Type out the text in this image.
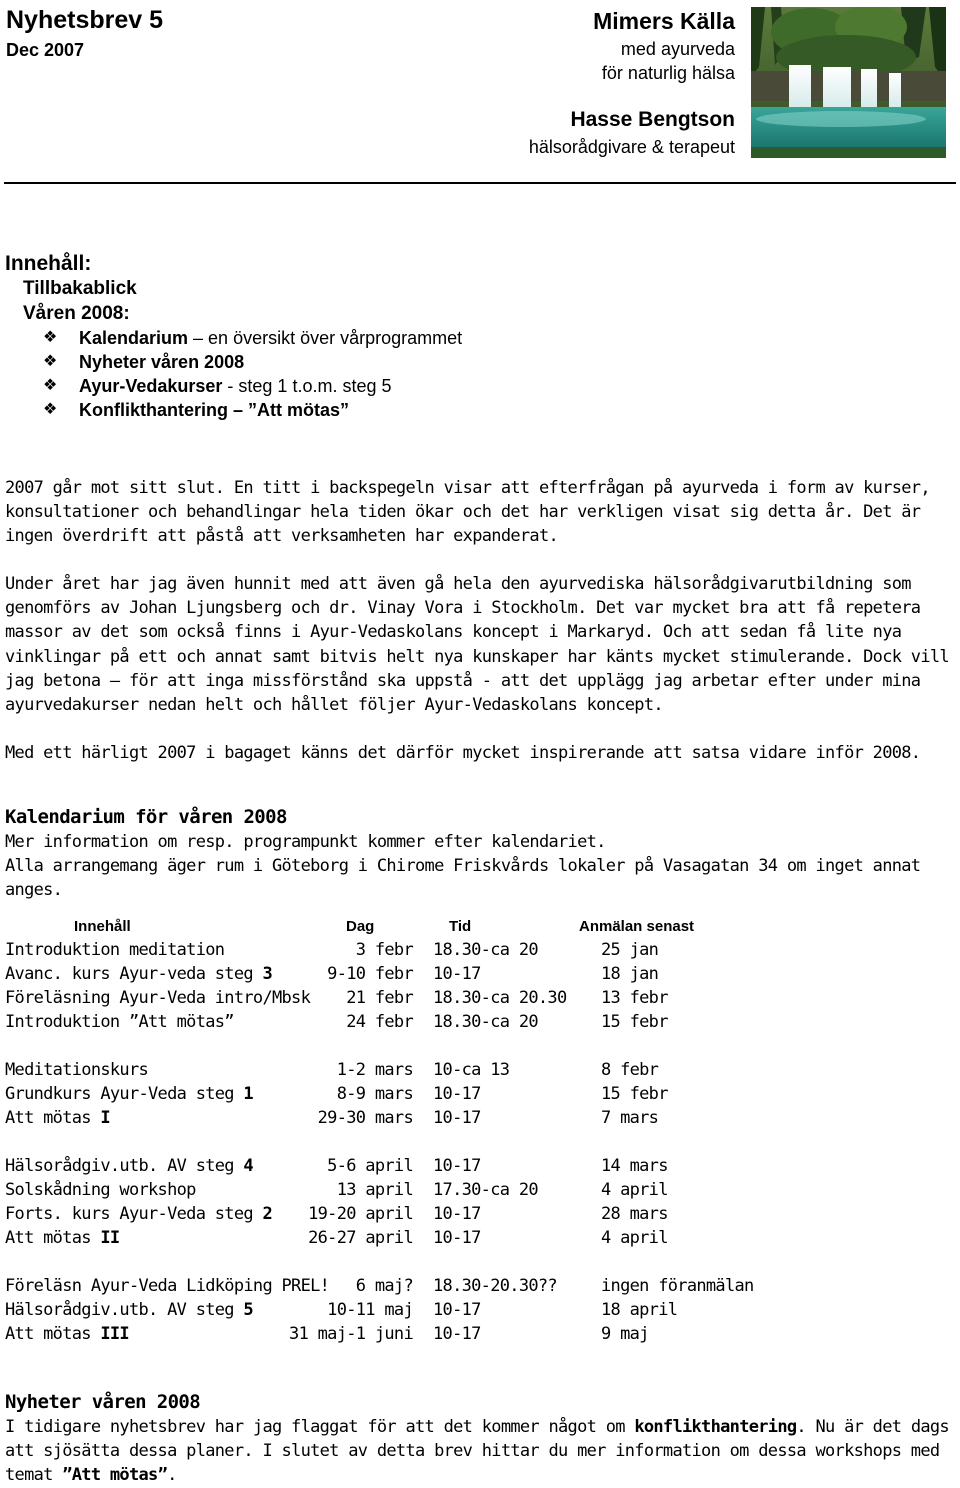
Nyhetsbrev 5
Dec 2007
Mimers Källa
med ayurveda
för naturlig hälsa
Hasse Bengtson
hälsorådgivare & terapeut
Innehåll:
Tillbakablick
Våren 2008:
❖	Kalendarium – en översikt över vårprogrammet
❖	Nyheter våren 2008
❖	Ayur-Vedakurser - steg 1 t.o.m. steg 5
❖	Konflikthantering – ”Att mötas”

2007 går mot sitt slut. En titt i backspegeln visar att efterfrågan på ayurveda i form av kurser, konsultationer och behandlingar hela tiden ökar och det har verkligen visat sig detta år. Det är ingen överdrift att påstå att verksamheten har expanderat.

Under året har jag även hunnit med att även gå hela den ayurvediska hälsorådgivarutbildning som genomförs av Johan Ljungsberg och dr. Vinay Vora i Stockholm. Det var mycket bra att få repetera massor av det som också finns i Ayur-Vedaskolans koncept i Markaryd. Och att sedan få lite nya vinklingar på ett och annat samt bitvis helt nya kunskaper har känts mycket stimulerande. Dock vill jag betona – för att inga missförstånd ska uppstå - att det upplägg jag arbetar efter under mina ayurvedakurser nedan helt och hållet följer Ayur-Vedaskolans koncept.

Med ett härligt 2007 i bagaget känns det därför mycket inspirerande att satsa vidare inför 2008.

Kalendarium för våren 2008

Mer information om resp. programpunkt kommer efter kalendariet.

Alla arrangemang äger rum i Göteborg i Chirome Friskvårds lokaler på Vasagatan 34 om inget annat anges.

Innehåll	Dag	Tid	Anmälan senast
Introduktion meditation	3 febr 18.30-ca 20	25 jan
Avanc. kurs Ayur-veda steg 3	9-10 febr 10-17	18 jan
Föreläsning Ayur-Veda intro/Mbsk 21 febr 18.30-ca 20.30 13 febr
Introduktion ”Att mötas”	24 febr 18.30-ca 20	15 febr
Meditationskurs	1-2 mars 10-ca 13	8 febr
Grundkurs Ayur-Veda steg 1	8-9 mars 10-17	15 febr
Att mötas I	29-30 mars 10-17	7 mars
Hälsorådgiv.utb. AV steg 4	5-6 april 10-17	14 mars
Solskådning workshop	13 april 17.30-ca 20	4 april
Forts. kurs Ayur-Veda steg 2 19-20 april 10-17	28 mars
Att mötas II	26-27 april 10-17	4 april
Föreläsn Ayur-Veda Lidköping PREL! 6 maj? 18.30-20.30??	ingen föranmälan
Hälsorådgiv.utb. AV steg 5	10-11 maj 10-17	18 april
Att mötas III	31 maj-1 juni 10-17	9 maj
Nyheter våren 2008

I tidigare nyhetsbrev har jag flaggat för att det kommer något om konflikthantering. Nu är det dags att sjösätta dessa planer. I slutet av detta brev hittar du mer information om dessa workshops med temat ”Att mötas”.
